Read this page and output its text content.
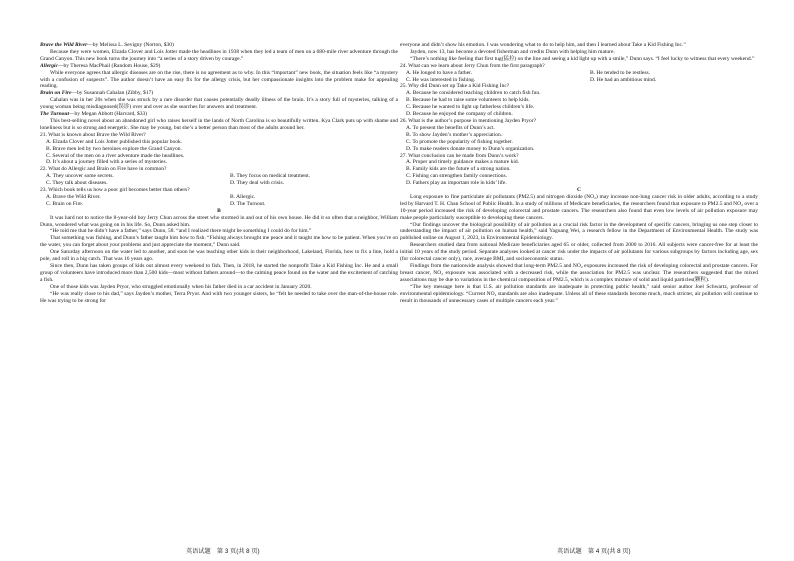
Brave the Wild River—by Melissa L. Sevigny (Norton, $30)

Because they were women, Elzada Clover and Lois Jotter made the headlines in 1938 when they led a team of men on a 680-mile river adventure through the Grand Canyon. This new book turns the journey into “a series of a story driven by courage.”

Allergic—by Theresa MacPhail (Random House, $29)

While everyone agrees that allergic diseases are on the rise, there is no agreement as to why. In this “important” new book, the situation feels like “a mystery with a confusion of suspects”. The author doesn’t have an easy fix for the allergy crisis, but her compassionate insights into the problem make for appealing reading.

Brain on Fire—by Susannah Cahalan (Zibby, $17)

Cahalan was in her 20s when she was struck by a rare disorder that causes potentially deadly illness of the brain. It’s a story full of mysteries, talking of a young woman being misdiagnosed(误诊) over and over as she searches for answers and treatment.

The Turnout—by Megan Abbott (Harvard, $33)

This best-selling novel about an abandoned girl who raises herself in the lands of North Carolina is so beautifully written. Kya Clark puts up with shame and loneliness but is so strong and energetic. She may be young, but she’s a better person than most of the adults around her.

21. What is known about Brave the Wild River?

A. Elzada Clover and Lois Jotter published this popular book.

B. Brave men led by two heroines explore the Grand Canyon.

C. Several of the men on a river adventure made the headlines.

D. It’s about a journey filled with a series of mysteries.

22. What do Allergic and Brain on Fire have in common?

A. They uncover some secrets.	B. They focus on medical treatment.

C. They talk about diseases.	D. They deal with crisis.

23. Which book tells us how a poor girl becomes better than others?

A. Brave the Wild River.	B. Allergic.

C. Brain on Fire.	D. The Turnout.

B

It was hard not to notice the 8-year-old boy Jerry Chun across the street who stormed in and out of his own house. He did it so often that a neighbor, William Dunn, wondered what was going on in his life. So, Dunn asked him.

“He told me that he didn’t have a father,” says Dunn, 58. “and I realized there might be something I could do for him.”

That something was fishing, and Dunn’s father taught him how to fish. “Fishing always brought me peace and it taught me how to be patient. When you’re on the water, you can forget about your problems and just appreciate the moment,” Dunn said.

One Saturday afternoon on the water led to another, and soon he was teaching other kids in their neighborhood, Lakeland, Florida, how to fix a line, hold a pole, and roll in a big catch. That was 16 years ago.

Since then, Dunn has taken groups of kids out almost every weekend to fish. Then, in 2018, he started the nonprofit Take a Kid Fishing Inc. He and a small group of volunteers have introduced more than 2,500 kids—most without fathers around—to the calming peace found on the water and the excitement of catching a fish.

One of those kids was Jayden Pryor, who struggled emotionally when his father died in a car accident in January 2020.

“He was really close to his dad,” says Jayden’s mother, Terra Pryor. And with two younger sisters, he “felt he needed to take over the man-of-the-house role. He was trying to be strong for

everyone and didn’t show his emotion. I was wondering what to do to help him, and then I learned about Take a Kid Fishing Inc.”

Jayden, now 13, has become a devoted fisherman and credits Dunn with helping him mature.

“There’s nothing like feeling that first tug(猛拉) on the line and seeing a kid light up with a smile,” Dunn says. “I feel lucky to witness that every weekend.”

24. What can we learn about Jerry Chun from the first paragraph?

A. He longed to have a father.	B. He tended to be restless.

C. He was interested in fishing.	D. He had an ambitious mind.

25. Why did Dunn set up Take a Kid Fishing Inc?

A. Because he considered teaching children to catch fish fun.

B. Because he had to raise some volunteers to help kids.

C. Because he wanted to light up fatherless children’s life.

D. Because he enjoyed the company of children.

26. What is the author’s purpose in mentioning Jayden Pryor?

A. To present the benefits of Dunn’s act.

B. To show Jayden’s mother’s appreciation.

C. To promote the popularity of fishing together.

D. To make readers donate money to Dunn’s organization.

27. What conclusion can be made from Dunn’s work?

A. Proper and timely guidance makes a mature kid.

B. Family kids are the future of a strong nation.

C. Fishing can strengthen family connections.

D. Fathers play an important role in kids’ life.

C

Long exposure to fine particulate air pollutants (PM2.5) and nitrogen dioxide (NO₂) may increase non-lung cancer risk in older adults, according to a study led by Harvard T. H. Chan School of Public Health. In a study of millions of Medicare beneficiaries, the researchers found that exposure to PM2.5 and NO₂ over a 10-year period increased the risk of developing colorectal and prostate cancers. The researchers also found that even low levels of air pollution exposure may make people particularly susceptible to developing these cancers.

“Our findings uncover the biological possibility of air pollution as a crucial risk factor in the development of specific cancers, bringing us one step closer to understanding the impact of air pollution on human health,” said Yaguang Wei, a research fellow in the Department of Environmental Health. The study was published online on August 1, 2023, in Environmental Epidemiology.

Researchers studied data from national Medicare beneficiaries aged 65 or older, collected from 2000 to 2016. All subjects were cancer-free for at least the initial 10 years of the study period. Separate analyses looked at cancer risk under the impacts of air pollutants for various subgroups by factors including age, sex (for colorectal cancer only), race, average BMI, and socioeconomic status.

Findings from the nationwide analysis showed that long-term PM2.5 and NO₂ exposures increased the risk of developing colorectal and prostate cancers. For breast cancer, NO₂ exposure was associated with a decreased risk, while the association for PM2.5 was unclear. The researchers suggested that the mixed associations may be due to variations in the chemical composition of PM2.5, which is a complex mixture of solid and liquid particles(颗粒).

“The key message here is that U.S. air pollution standards are inadequate in protecting public health,” said senior author Joel Schwartz, professor of environmental epidemiology. “Current NO₂ standards are also inadequate. Unless all of these standards become much, much stricter, air pollution will continue to result in thousands of unnecessary cases of multiple cancers each year.”

英语试题　第 3 页(共 8 页)	英语试题　第 4 页(共 8 页)
